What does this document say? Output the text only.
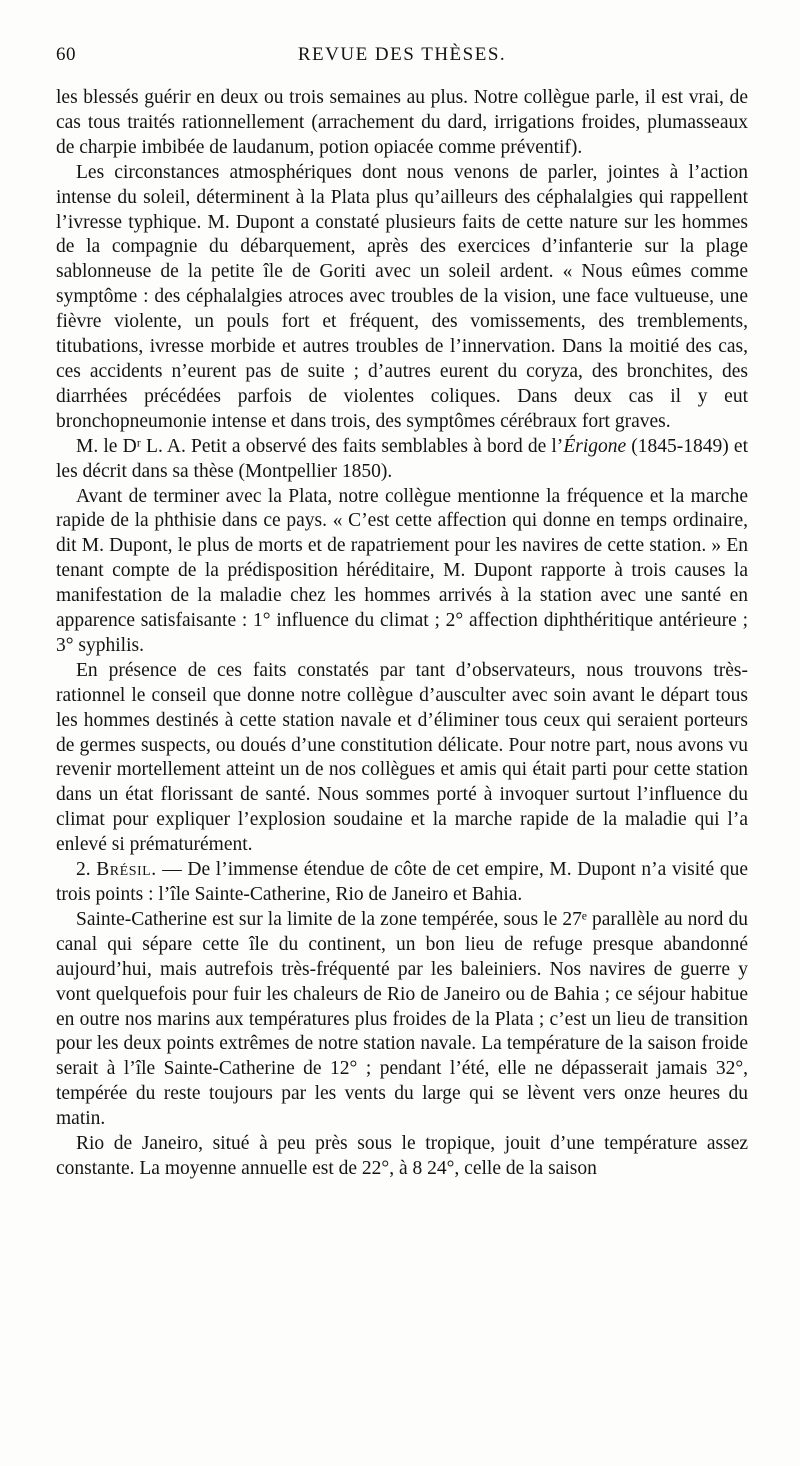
60	REVUE DES THÈSES.

les blessés guérir en deux ou trois semaines au plus. Notre collègue parle, il est vrai, de cas tous traités rationnellement (arrachement du dard, irrigations froides, plumasseaux de charpie imbibée de laudanum, potion opiacée comme préventif).

Les circonstances atmosphériques dont nous venons de parler, jointes à l’action intense du soleil, déterminent à la Plata plus qu’ailleurs des céphalalgies qui rappellent l’ivresse typhique. M. Dupont a constaté plusieurs faits de cette nature sur les hommes de la compagnie du débarquement, après des exercices d’infanterie sur la plage sablonneuse de la petite île de Goriti avec un soleil ardent. « Nous eûmes comme symptôme : des céphalalgies atroces avec troubles de la vision, une face vultueuse, une fièvre violente, un pouls fort et fréquent, des vomissements, des tremblements, titubations, ivresse morbide et autres troubles de l’innervation. Dans la moitié des cas, ces accidents n’eurent pas de suite ; d’autres eurent du coryza, des bronchites, des diarrhées précédées parfois de violentes coliques. Dans deux cas il y eut bronchopneumonie intense et dans trois, des symptômes cérébraux fort graves.

M. le Dʳ L. A. Petit a observé des faits semblables à bord de l’Érigone (1845-1849) et les décrit dans sa thèse (Montpellier 1850).

Avant de terminer avec la Plata, notre collègue mentionne la fréquence et la marche rapide de la phthisie dans ce pays. « C’est cette affection qui donne en temps ordinaire, dit M. Dupont, le plus de morts et de rapatriement pour les navires de cette station. » En tenant compte de la prédisposition héréditaire, M. Dupont rapporte à trois causes la manifestation de la maladie chez les hommes arrivés à la station avec une santé en apparence satisfaisante : 1° influence du climat ; 2° affection diphthéritique antérieure ; 3° syphilis.

En présence de ces faits constatés par tant d’observateurs, nous trouvons très-rationnel le conseil que donne notre collègue d’ausculter avec soin avant le départ tous les hommes destinés à cette station navale et d’éliminer tous ceux qui seraient porteurs de germes suspects, ou doués d’une constitution délicate. Pour notre part, nous avons vu revenir mortellement atteint un de nos collègues et amis qui était parti pour cette station dans un état florissant de santé. Nous sommes porté à invoquer surtout l’influence du climat pour expliquer l’explosion soudaine et la marche rapide de la maladie qui l’a enlevé si prématurément.

2. Brésil. — De l’immense étendue de côte de cet empire, M. Dupont n’a visité que trois points : l’île Sainte-Catherine, Rio de Janeiro et Bahia.

Sainte-Catherine est sur la limite de la zone tempérée, sous le 27ᵉ parallèle au nord du canal qui sépare cette île du continent, un bon lieu de refuge presque abandonné aujourd’hui, mais autrefois très-fréquenté par les baleiniers. Nos navires de guerre y vont quelquefois pour fuir les chaleurs de Rio de Janeiro ou de Bahia ; ce séjour habitue en outre nos marins aux températures plus froides de la Plata ; c’est un lieu de transition pour les deux points extrêmes de notre station navale. La température de la saison froide serait à l’île Sainte-Catherine de 12° ; pendant l’été, elle ne dépasserait jamais 32°, tempérée du reste toujours par les vents du large qui se lèvent vers onze heures du matin.

Rio de Janeiro, situé à peu près sous le tropique, jouit d’une température assez constante. La moyenne annuelle est de 22°, à 8 24°, celle de la saison
